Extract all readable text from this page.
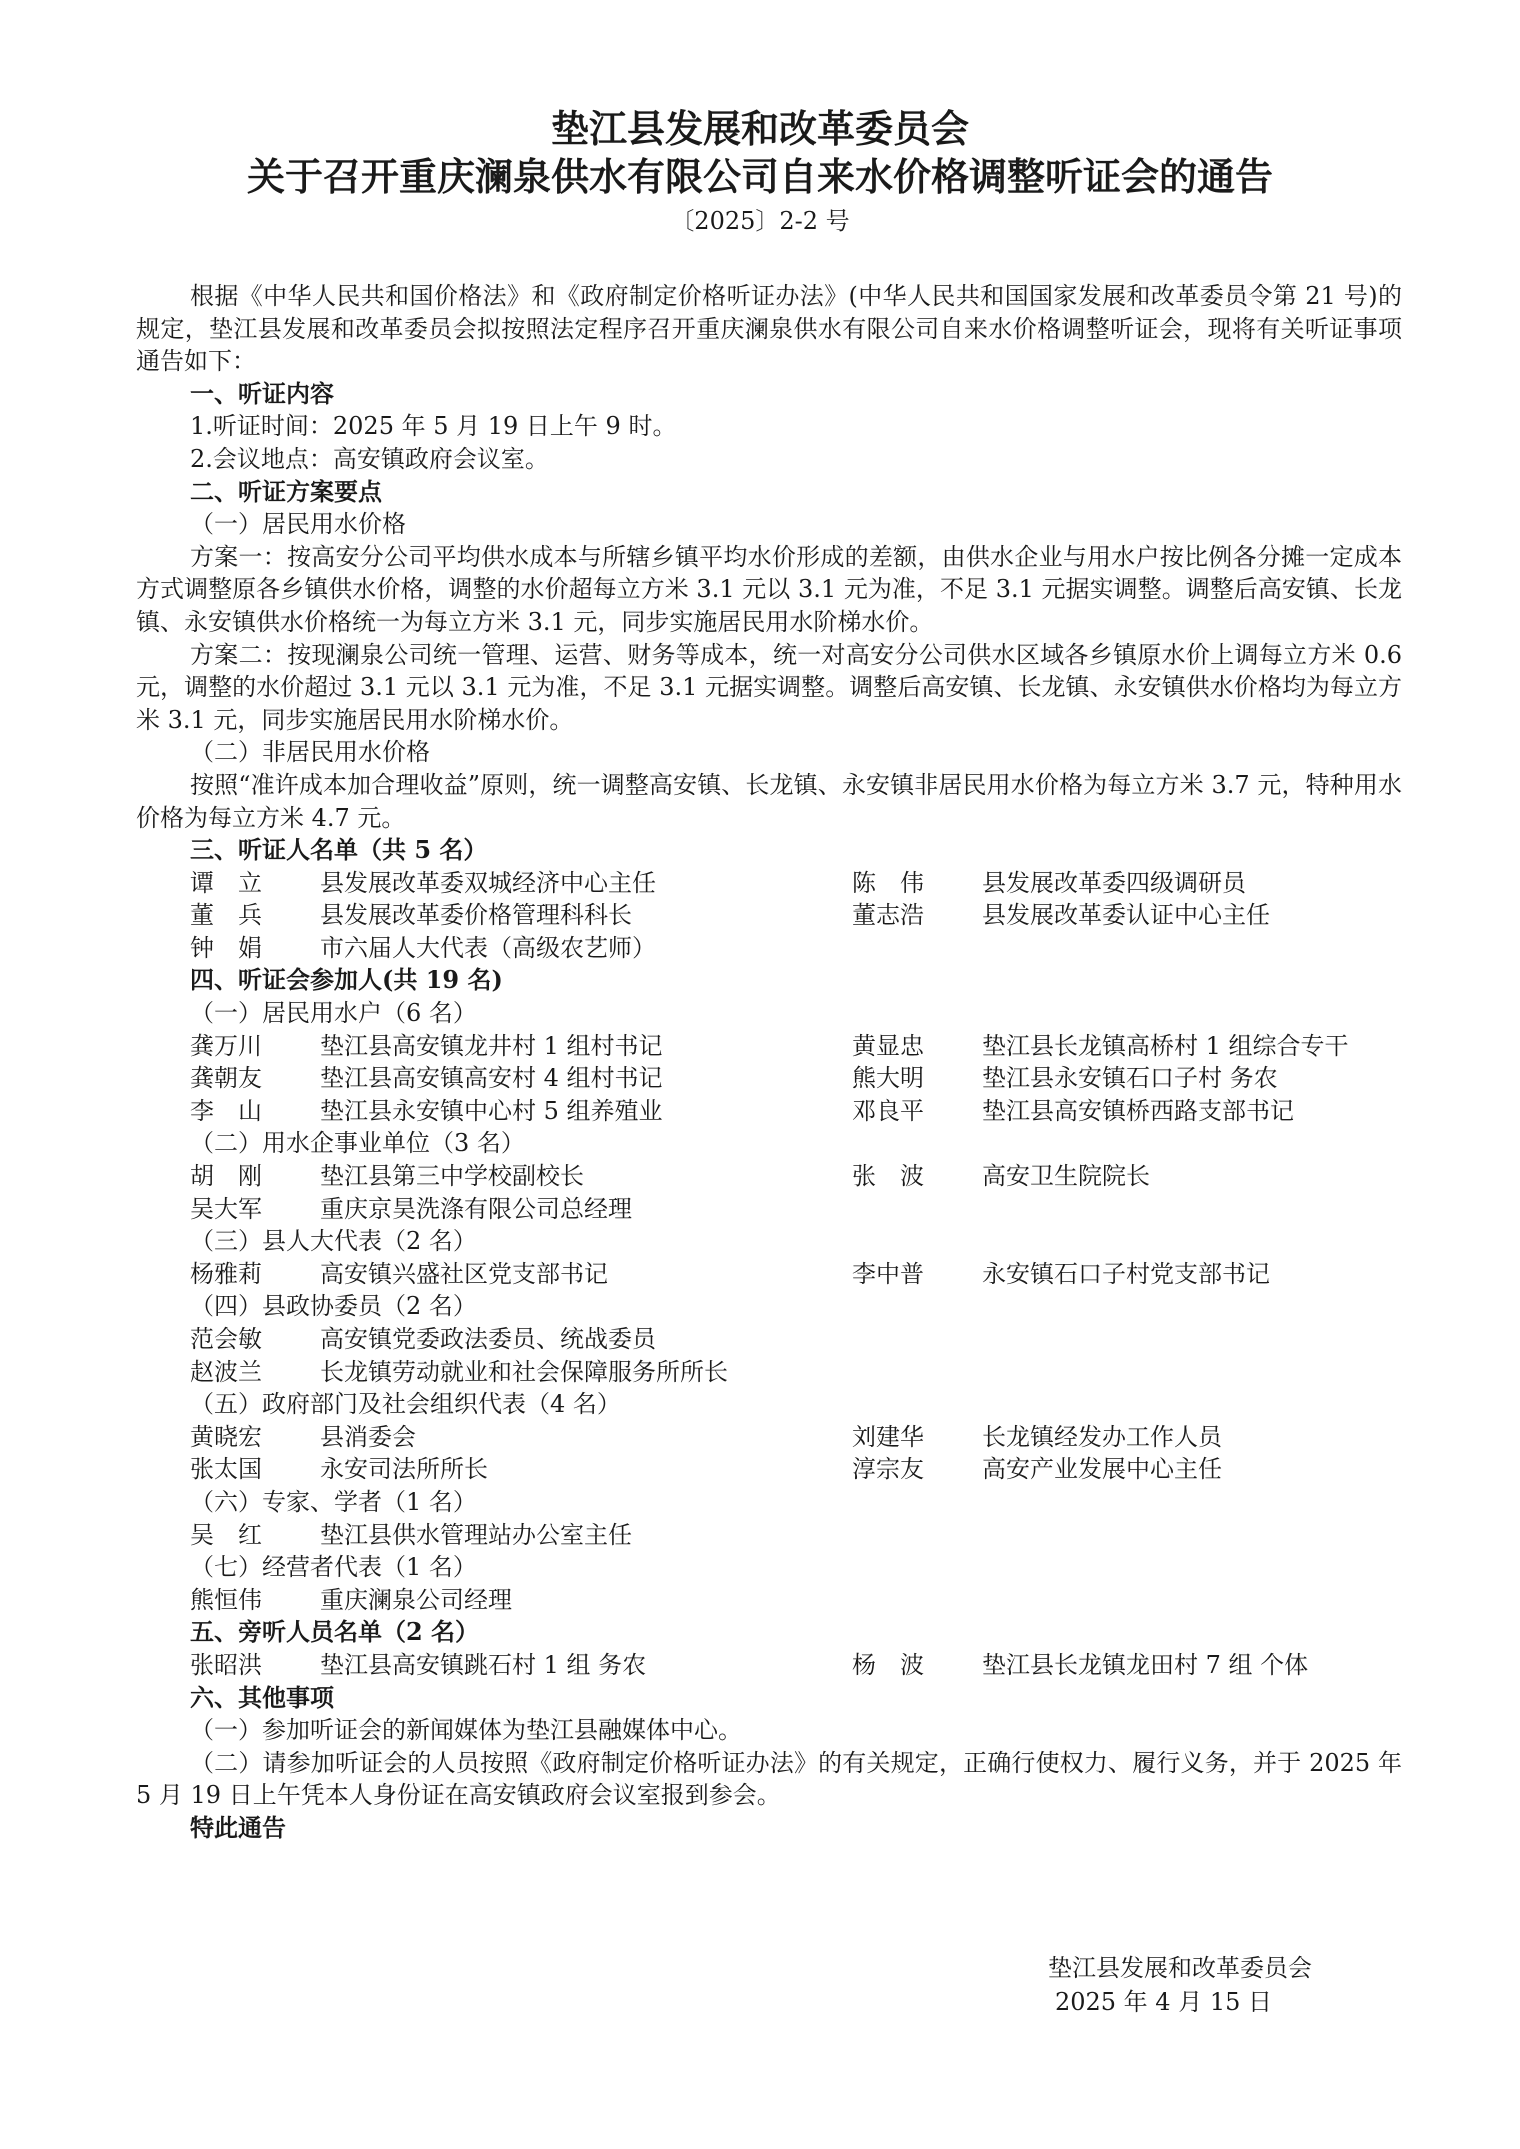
垫江县发展和改革委员会
关于召开重庆澜泉供水有限公司自来水价格调整听证会的通告
〔2025〕2-2 号

根据《中华人民共和国价格法》和《政府制定价格听证办法》(中华人民共和国国家发展和改革委员令第 21 号)的规定，垫江县发展和改革委员会拟按照法定程序召开重庆澜泉供水有限公司自来水价格调整听证会，现将有关听证事项通告如下：

一、听证内容

1.听证时间：2025 年 5 月 19 日上午 9 时。

2.会议地点：高安镇政府会议室。

二、听证方案要点

（一）居民用水价格

方案一：按高安分公司平均供水成本与所辖乡镇平均水价形成的差额，由供水企业与用水户按比例各分摊一定成本方式调整原各乡镇供水价格，调整的水价超每立方米 3.1 元以 3.1 元为准，不足 3.1 元据实调整。调整后高安镇、长龙镇、永安镇供水价格统一为每立方米 3.1 元，同步实施居民用水阶梯水价。

方案二：按现澜泉公司统一管理、运营、财务等成本，统一对高安分公司供水区域各乡镇原水价上调每立方米 0.6 元，调整的水价超过 3.1 元以 3.1 元为准，不足 3.1 元据实调整。调整后高安镇、长龙镇、永安镇供水价格均为每立方米 3.1 元，同步实施居民用水阶梯水价。

（二）非居民用水价格

按照“准许成本加合理收益”原则，统一调整高安镇、长龙镇、永安镇非居民用水价格为每立方米 3.7 元，特种用水价格为每立方米 4.7 元。

三、听证人名单（共 5 名）

谭　立 县发展改革委双城经济中心主任	陈　伟 县发展改革委四级调研员
董　兵 县发展改革委价格管理科科长	董志浩 县发展改革委认证中心主任
钟　娟 市六届人大代表（高级农艺师）

四、听证会参加人(共 19 名)

（一）居民用水户（6 名）

龚万川 垫江县高安镇龙井村 1 组村书记	黄显忠 垫江县长龙镇高桥村 1 组综合专干
龚朝友 垫江县高安镇高安村 4 组村书记	熊大明 垫江县永安镇石口子村 务农
李　山 垫江县永安镇中心村 5 组养殖业	邓良平 垫江县高安镇桥西路支部书记

（二）用水企事业单位（3 名）

胡　刚 垫江县第三中学校副校长	张　波 高安卫生院院长
吴大军 重庆京昊洗涤有限公司总经理

（三）县人大代表（2 名）

杨雅莉 高安镇兴盛社区党支部书记	李中普 永安镇石口子村党支部书记

（四）县政协委员（2 名）

范会敏 高安镇党委政法委员、统战委员
赵波兰 长龙镇劳动就业和社会保障服务所所长

（五）政府部门及社会组织代表（4 名）

黄晓宏 县消委会	刘建华 长龙镇经发办工作人员
张太国 永安司法所所长	淳宗友 高安产业发展中心主任

（六）专家、学者（1 名）

吴　红 垫江县供水管理站办公室主任

（七）经营者代表（1 名）

熊恒伟 重庆澜泉公司经理

五、旁听人员名单（2 名）

张昭洪 垫江县高安镇跳石村 1 组 务农	杨　波 垫江县长龙镇龙田村 7 组 个体

六、其他事项

（一）参加听证会的新闻媒体为垫江县融媒体中心。

（二）请参加听证会的人员按照《政府制定价格听证办法》的有关规定，正确行使权力、履行义务，并于 2025 年 5 月 19 日上午凭本人身份证在高安镇政府会议室报到参会。

特此通告

垫江县发展和改革委员会
2025 年 4 月 15 日
